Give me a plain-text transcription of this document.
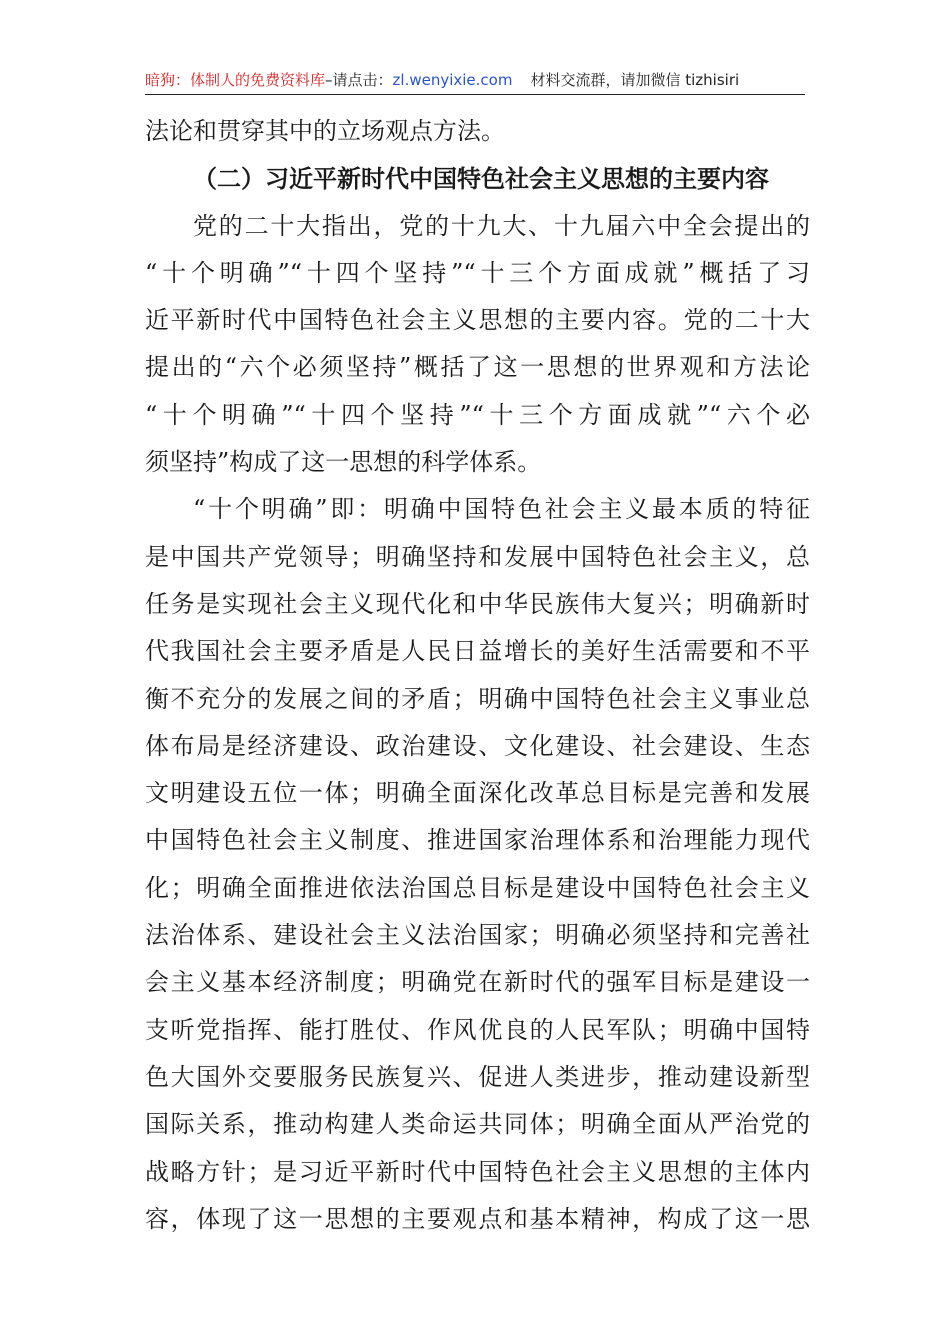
暗狗：体制人的免费资料库–请点击：zl.wenyixie.com 材料交流群，请加微信 tizhisiri
法论和贯穿其中的立场观点方法。
（二）习近平新时代中国特色社会主义思想的主要内容
党的二十大指出，党的十九大、十九届六中全会提出的
“十个明确”“十四个坚持”“十三个方面成就”概括了习
近平新时代中国特色社会主义思想的主要内容。党的二十大
提出的“六个必须坚持”概括了这一思想的世界观和方法论
“十个明确”“十四个坚持”“十三个方面成就”“六个必
须坚持”构成了这一思想的科学体系。
“十个明确”即：明确中国特色社会主义最本质的特征
是中国共产党领导；明确坚持和发展中国特色社会主义，总
任务是实现社会主义现代化和中华民族伟大复兴；明确新时
代我国社会主要矛盾是人民日益增长的美好生活需要和不平
衡不充分的发展之间的矛盾；明确中国特色社会主义事业总
体布局是经济建设、政治建设、文化建设、社会建设、生态
文明建设五位一体；明确全面深化改革总目标是完善和发展
中国特色社会主义制度、推进国家治理体系和治理能力现代
化；明确全面推进依法治国总目标是建设中国特色社会主义
法治体系、建设社会主义法治国家；明确必须坚持和完善社
会主义基本经济制度；明确党在新时代的强军目标是建设一
支听党指挥、能打胜仗、作风优良的人民军队；明确中国特
色大国外交要服务民族复兴、促进人类进步，推动建设新型
国际关系，推动构建人类命运共同体；明确全面从严治党的
战略方针；是习近平新时代中国特色社会主义思想的主体内
容，体现了这一思想的主要观点和基本精神，构成了这一思
